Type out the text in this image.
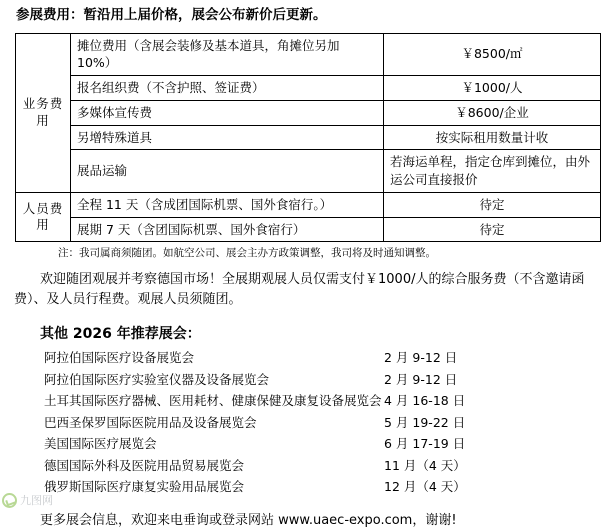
参展费用：暂沿用上届价格，展会公布新价后更新。

业务费用	摊位费用（含展会装修及基本道具，角摊位另加 10%）	￥8500/㎡
	报名组织费（不含护照、签证费）	￥1000/人
	多媒体宣传费	￥8600/企业
	另增特殊道具	按实际租用数量计收
	展品运输	若海运单程，指定仓库到摊位，由外运公司直接报价

人员费用	全程 11 天（含成团国际机票、国外食宿行。）	待定
	展期 7 天（含团国际机票、国外食宿行）	待定
注：我司属商须随团。如航空公司、展会主办方政策调整，我司将及时通知调整。

欢迎随团观展并考察德国市场！全展期观展人员仅需支付￥1000/人的综合服务费（不含邀请函费）、及人员行程费。观展人员须随团。

其他 2026 年推荐展会：
阿拉伯国际医疗设备展览会	2 月 9-12 日
阿拉伯国际医疗实验室仪器及设备展览会	2 月 9-12 日
土耳其国际医疗器械、医用耗材、健康保健及康复设备展览会 4 月 16-18 日
巴西圣保罗国际医院用品及设备展览会	5 月 19-22 日
美国国际医疗展览会	6 月 17-19 日
德国国际外科及医院用品贸易展览会	11 月（4 天）
俄罗斯国际医疗康复实验用品展览会	12 月（4 天）
更多展会信息，欢迎来电垂询或登录网站 www.uaec-expo.com，谢谢!
九图网
